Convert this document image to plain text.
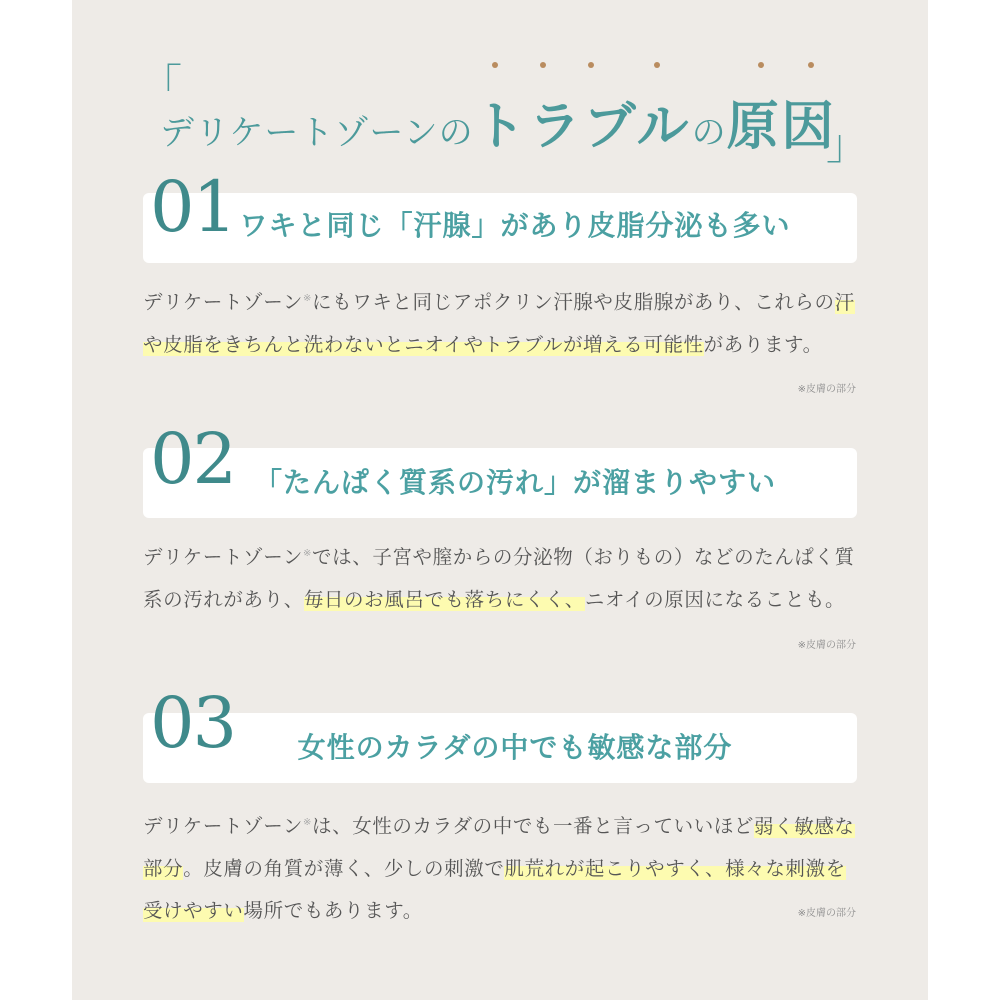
「
」
デリケートゾーンのトラブルの原因
01 ワキと同じ「汗腺」があり皮脂分泌も多い
デリケートゾーン※にもワキと同じアポクリン汗腺や皮脂腺があり、これらの汗や皮脂をきちんと洗わないとニオイやトラブルが増える可能性があります。
※皮膚の部分
02 「たんぱく質系の汚れ」が溜まりやすい
デリケートゾーン※では、子宮や膣からの分泌物（おりもの）などのたんぱく質系の汚れがあり、毎日のお風呂でも落ちにくく、ニオイの原因になることも。
※皮膚の部分
03	女性のカラダの中でも敏感な部分
デリケートゾーン※は、女性のカラダの中でも一番と言っていいほど弱く敏感な部分。皮膚の角質が薄く、少しの刺激で肌荒れが起こりやすく、様々な刺激を受けやすい場所でもあります。	※皮膚の部分
